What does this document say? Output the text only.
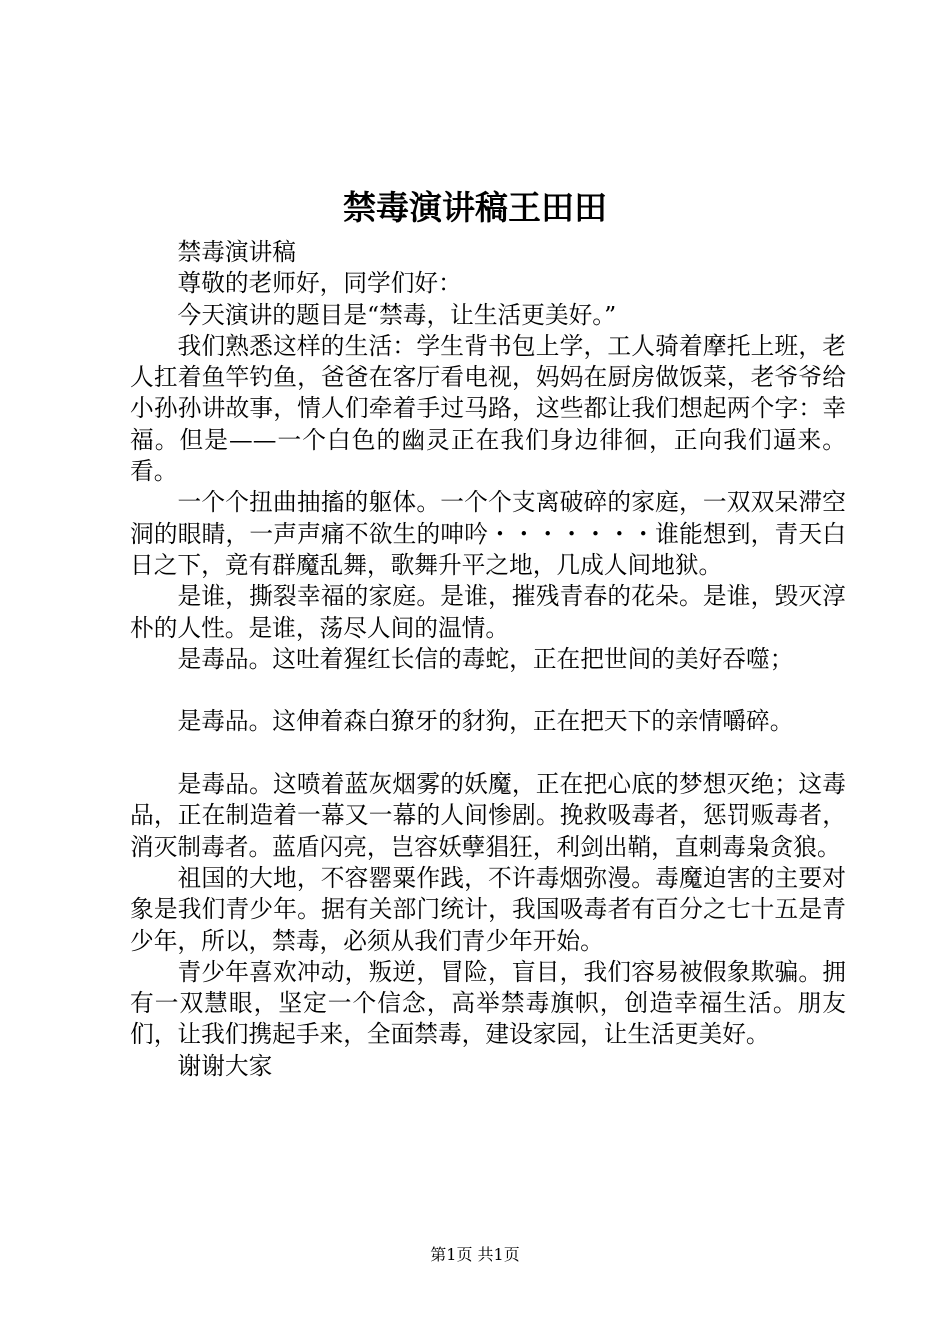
禁毒演讲稿王田田

禁毒演讲稿

尊敬的老师好，同学们好：

今天演讲的题目是“禁毒，让生活更美好。”

我们熟悉这样的生活：学生背书包上学，工人骑着摩托上班，老人扛着鱼竿钓鱼，爸爸在客厅看电视，妈妈在厨房做饭菜，老爷爷给小孙孙讲故事，情人们牵着手过马路，这些都让我们想起两个字：幸福。但是——一个白色的幽灵正在我们身边徘徊，正向我们逼来。看。

一个个扭曲抽搐的躯体。一个个支离破碎的家庭，一双双呆滞空洞的眼睛，一声声痛不欲生的呻吟・・・・・・・谁能想到，青天白日之下，竟有群魔乱舞，歌舞升平之地，几成人间地狱。

是谁，撕裂幸福的家庭。是谁，摧残青春的花朵。是谁，毁灭淳朴的人性。是谁，荡尽人间的温情。

是毒品。这吐着猩红长信的毒蛇，正在把世间的美好吞噬；

是毒品。这伸着森白獠牙的豺狗，正在把天下的亲情嚼碎。

是毒品。这喷着蓝灰烟雾的妖魔，正在把心底的梦想灭绝；这毒品，正在制造着一幕又一幕的人间惨剧。挽救吸毒者，惩罚贩毒者，消灭制毒者。蓝盾闪亮，岂容妖孽猖狂，利剑出鞘，直刺毒枭贪狼。

祖国的大地，不容罂粟作践，不许毒烟弥漫。毒魔迫害的主要对象是我们青少年。据有关部门统计，我国吸毒者有百分之七十五是青少年，所以，禁毒，必须从我们青少年开始。

青少年喜欢冲动，叛逆，冒险，盲目，我们容易被假象欺骗。拥有一双慧眼，坚定一个信念，高举禁毒旗帜，创造幸福生活。朋友们，让我们携起手来，全面禁毒，建设家园，让生活更美好。

谢谢大家

第1页 共1页
